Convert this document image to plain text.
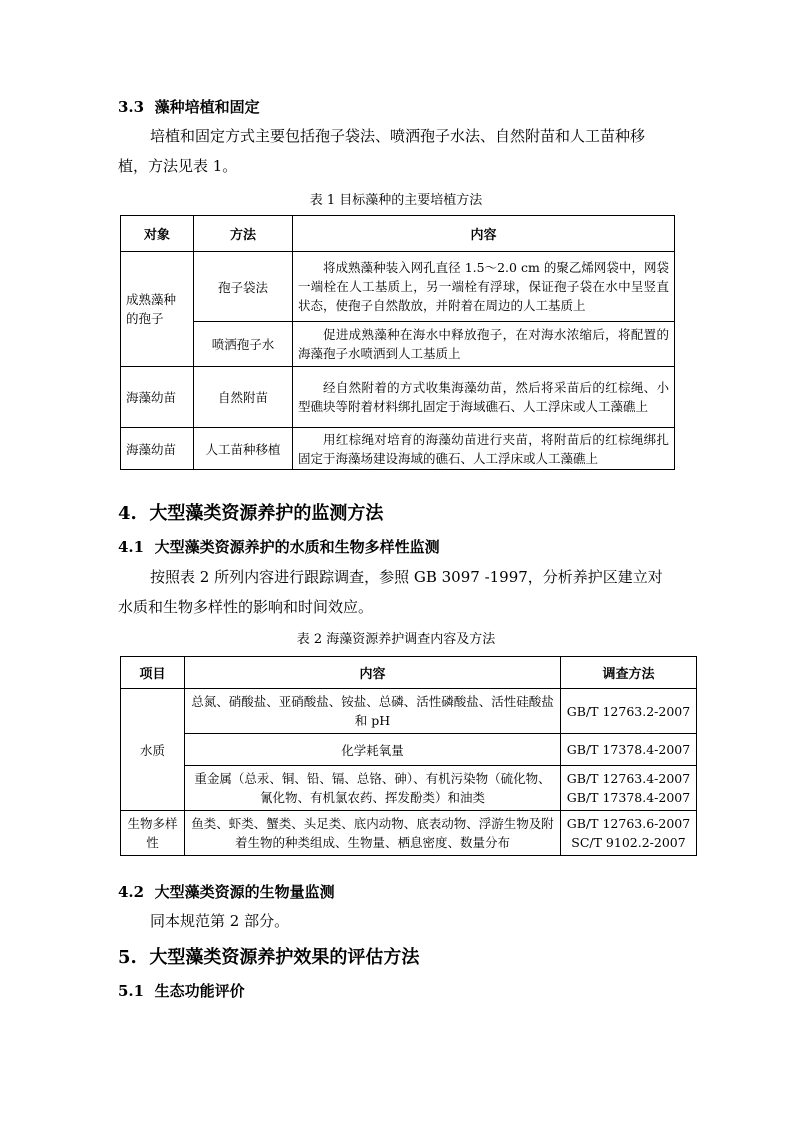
3.3 藻种培植和固定
培植和固定方式主要包括孢子袋法、喷洒孢子水法、自然附苗和人工苗种移
植，方法见表 1。
表 1 目标藻种的主要培植方法
对象	方法	内容
成熟藻种的孢子	孢子袋法	将成熟藻种装入网孔直径 1.5～2.0 cm 的聚乙烯网袋中，网袋一端栓在人工基质上，另一端栓有浮球，保证孢子袋在水中呈竖直状态，使孢子自然散放，并附着在周边的人工基质上
	喷洒孢子水	促进成熟藻种在海水中释放孢子，在对海水浓缩后，将配置的海藻孢子水喷洒到人工基质上
海藻幼苗	自然附苗	经自然附着的方式收集海藻幼苗，然后将采苗后的红棕绳、小型礁块等附着材料绑扎固定于海域礁石、人工浮床或人工藻礁上
海藻幼苗	人工苗种移植	用红棕绳对培育的海藻幼苗进行夹苗，将附苗后的红棕绳绑扎固定于海藻场建设海域的礁石、人工浮床或人工藻礁上
4. 大型藻类资源养护的监测方法
4.1 大型藻类资源养护的水质和生物多样性监测
按照表 2 所列内容进行跟踪调查，参照 GB 3097 -1997，分析养护区建立对
水质和生物多样性的影响和时间效应。
表 2 海藻资源养护调查内容及方法
项目	内容	调查方法
水质	总氮、硝酸盐、亚硝酸盐、铵盐、总磷、活性磷酸盐、活性硅酸盐和 pH	GB/T 12763.2-2007

	化学耗氧量	GB/T 17378.4-2007

	重金属（总汞、铜、铅、镉、总铬、砷）、有机污染物（硫化物、氰化物、有机氯农药、挥发酚类）和油类	GB/T 12763.4-2007
GB/T 17378.4-2007

生物多样性	鱼类、虾类、蟹类、头足类、底内动物、底表动物、浮游生物及附着生物的种类组成、生物量、栖息密度、数量分布	GB/T 12763.6-2007
SC/T 9102.2-2007
4.2 大型藻类资源的生物量监测
同本规范第 2 部分。
5. 大型藻类资源养护效果的评估方法
5.1 生态功能评价
